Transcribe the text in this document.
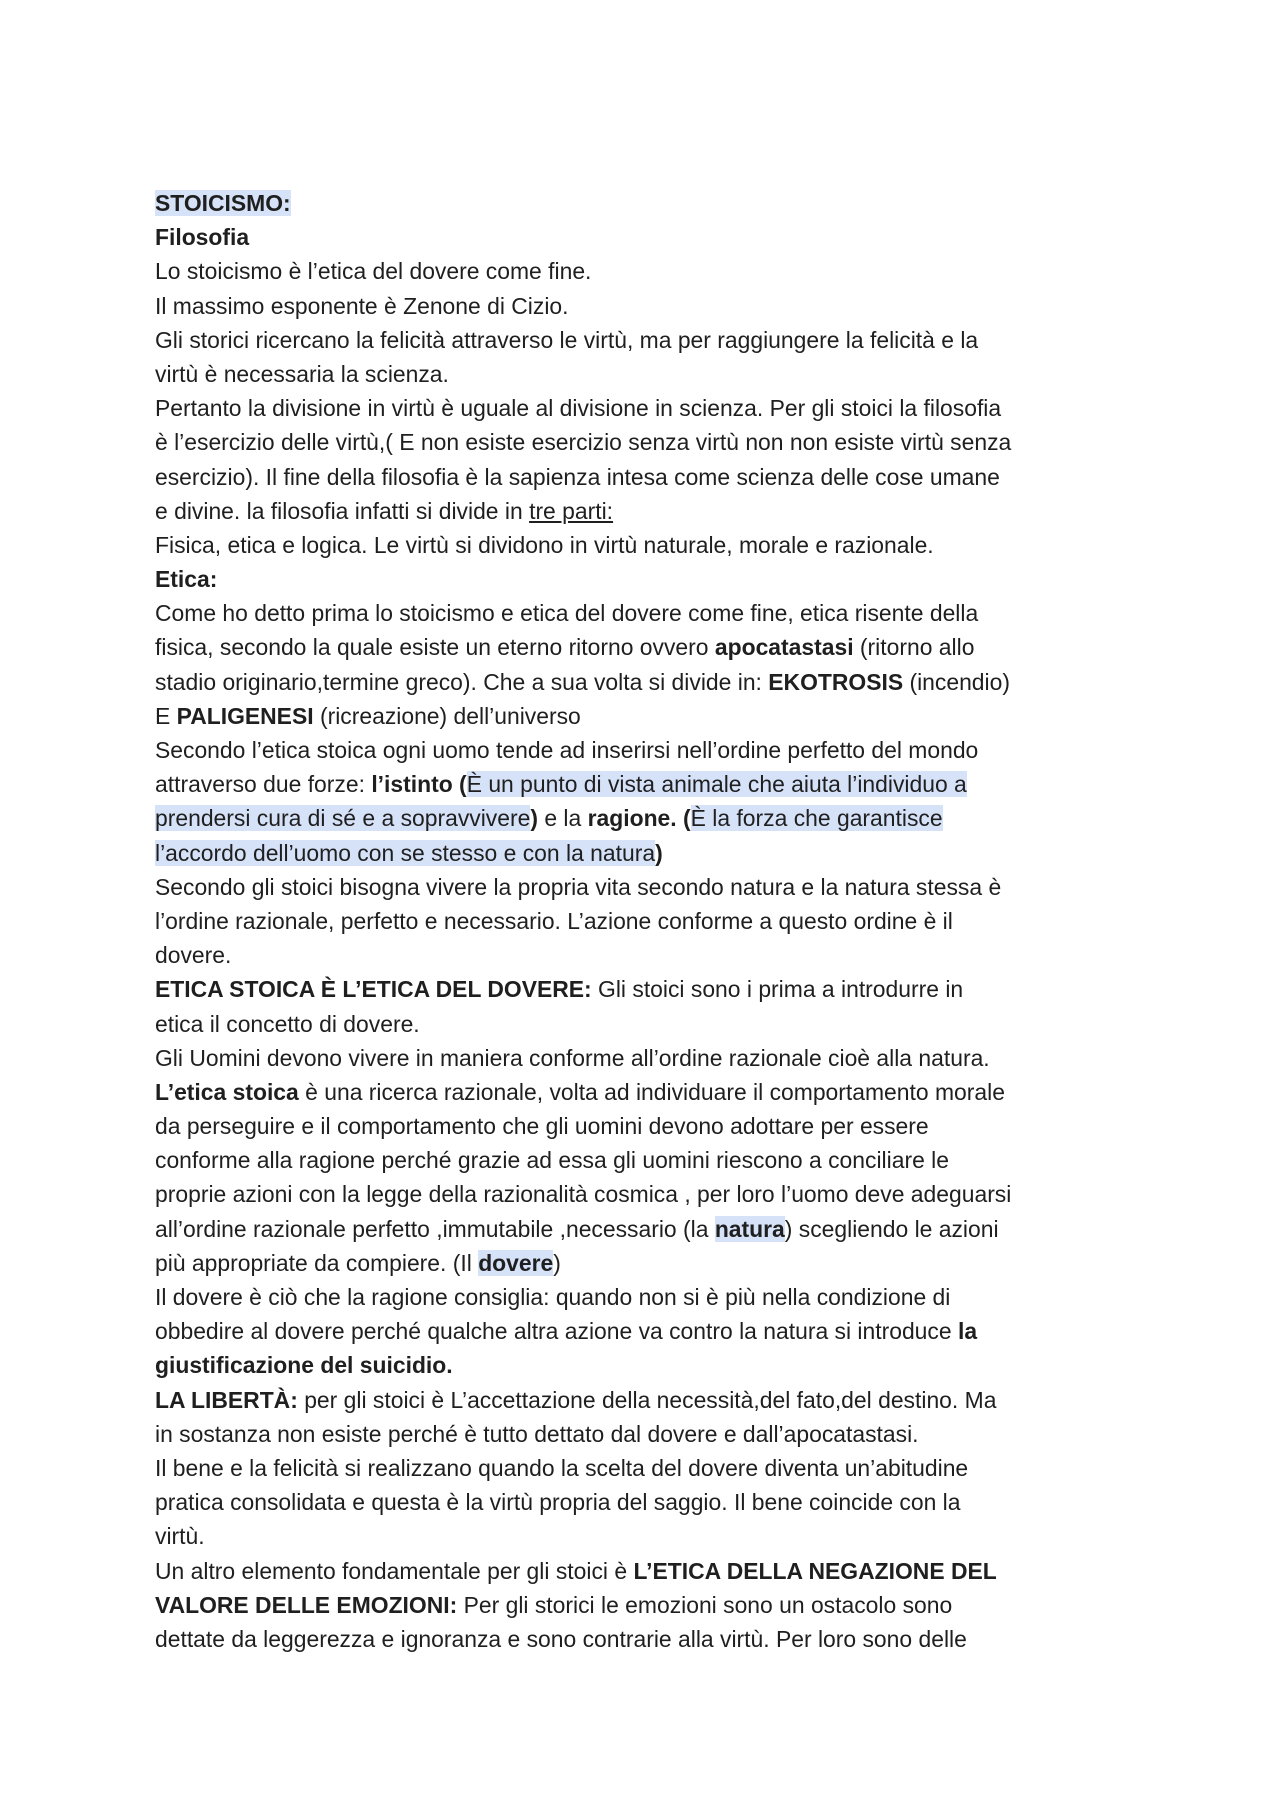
STOICISMO:
Filosofia
Lo stoicismo è l’etica del dovere come fine.
Il massimo esponente è Zenone di Cizio.
Gli storici ricercano la felicità attraverso le virtù, ma per raggiungere la felicità e la
virtù è necessaria la scienza.
Pertanto la divisione in virtù è uguale al divisione in scienza. Per gli stoici la filosofia
è l’esercizio delle virtù,( E non esiste esercizio senza virtù non non esiste virtù senza
esercizio). Il fine della filosofia è la sapienza intesa come scienza delle cose umane
e divine. la filosofia infatti si divide in tre parti:
Fisica, etica e logica. Le virtù si dividono in virtù naturale, morale e razionale.
Etica:
Come ho detto prima lo stoicismo e etica del dovere come fine, etica risente della
fisica, secondo la quale esiste un eterno ritorno ovvero apocatastasi (ritorno allo
stadio originario,termine greco). Che a sua volta si divide in: EKOTROSIS (incendio)
E PALIGENESI (ricreazione) dell’universo
Secondo l’etica stoica ogni uomo tende ad inserirsi nell’ordine perfetto del mondo
attraverso due forze: l’istinto (È un punto di vista animale che aiuta l’individuo a
prendersi cura di sé e a sopravvivere) e la ragione. (È la forza che garantisce
l’accordo dell’uomo con se stesso e con la natura)
Secondo gli stoici bisogna vivere la propria vita secondo natura e la natura stessa è
l’ordine razionale, perfetto e necessario. L’azione conforme a questo ordine è il
dovere.
ETICA STOICA È L’ETICA DEL DOVERE: Gli stoici sono i prima a introdurre in
etica il concetto di dovere.
Gli Uomini devono vivere in maniera conforme all’ordine razionale cioè alla natura.
L’etica stoica è una ricerca razionale, volta ad individuare il comportamento morale
da perseguire e il comportamento che gli uomini devono adottare per essere
conforme alla ragione perché grazie ad essa gli uomini riescono a conciliare le
proprie azioni con la legge della razionalità cosmica , per loro l’uomo deve adeguarsi
all’ordine razionale perfetto ,immutabile ,necessario (la natura) scegliendo le azioni
più appropriate da compiere. (Il dovere)
Il dovere è ciò che la ragione consiglia: quando non si è più nella condizione di
obbedire al dovere perché qualche altra azione va contro la natura si introduce la
giustificazione del suicidio.
LA LIBERTÀ: per gli stoici è L’accettazione della necessità,del fato,del destino. Ma
in sostanza non esiste perché è tutto dettato dal dovere e dall’apocatastasi.
Il bene e la felicità si realizzano quando la scelta del dovere diventa un’abitudine
pratica consolidata e questa è la virtù propria del saggio. Il bene coincide con la
virtù.
Un altro elemento fondamentale per gli stoici è L’ETICA DELLA NEGAZIONE DEL
VALORE DELLE EMOZIONI: Per gli storici le emozioni sono un ostacolo sono
dettate da leggerezza e ignoranza e sono contrarie alla virtù. Per loro sono delle
